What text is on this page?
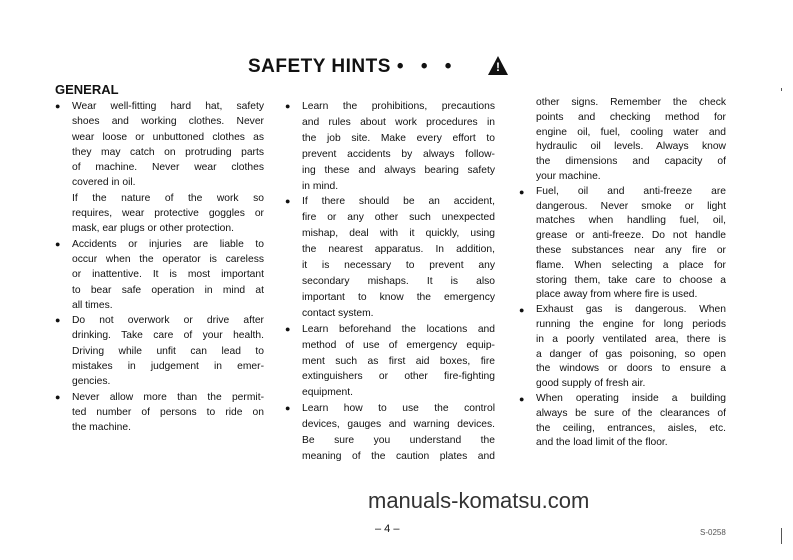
SAFETY HINTS • • •	!
GENERAL
● Wear well-fitting hard hat, safety
shoes and working clothes. Never
wear loose or unbuttoned clothes as
they may catch on protruding parts
of machine. Never wear clothes
covered in oil.
If the nature of the work so
requires, wear protective goggles or
mask, ear plugs or other protection.
● Accidents or injuries are liable to
occur when the operator is careless
or inattentive. It is most important
to bear safe operation in mind at
all times.
● Do not overwork or drive after
drinking. Take care of your health.
Driving while unfit can lead to
mistakes in judgement in emer-
gencies.
● Never allow more than the permit-
ted number of persons to ride on
the machine.
● Learn the prohibitions, precautions
and rules about work procedures in
the job site. Make every effort to
prevent accidents by always follow-
ing these and always bearing safety
in mind.
● If there should be an accident,
fire or any other such unexpected
mishap, deal with it quickly, using
the nearest apparatus. In addition,
it is necessary to prevent any
secondary mishaps. It is also
important to know the emergency
contact system.
● Learn beforehand the locations and
method of use of emergency equip-
ment such as first aid boxes, fire
extinguishers or other fire-fighting
equipment.
● Learn how to use the control
devices, gauges and warning devices.
Be sure you understand the
meaning of the caution plates and
other signs. Remember the check
points and checking method for
engine oil, fuel, cooling water and
hydraulic oil levels. Always know
the dimensions and capacity of
your machine.
● Fuel, oil and anti-freeze are
dangerous. Never smoke or light
matches when handling fuel, oil,
grease or anti-freeze. Do not handle
these substances near any fire or
flame. When selecting a place for
storing them, take care to choose a
place away from where fire is used.
● Exhaust gas is dangerous. When
running the engine for long periods
in a poorly ventilated area, there is
a danger of gas poisoning, so open
the windows or doors to ensure a
good supply of fresh air.
● When operating inside a building
always be sure of the clearances of
the ceiling, entrances, aisles, etc.
and the load limit of the floor.
manuals-komatsu.com
– 4 –	S-0258
